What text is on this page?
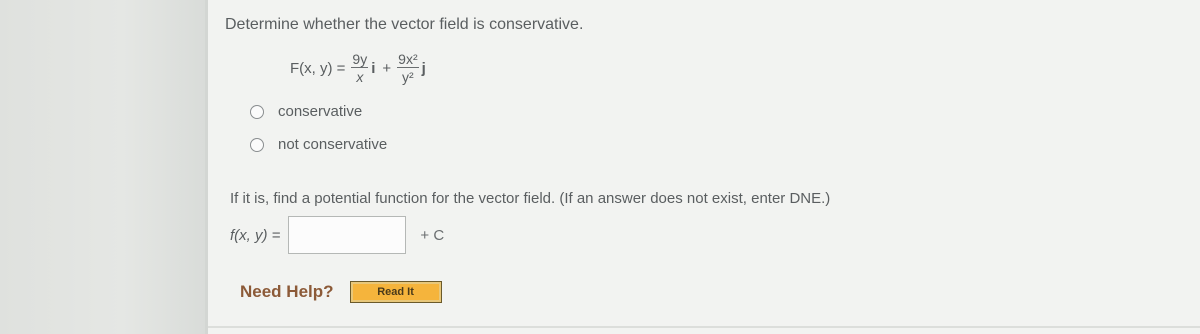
Determine whether the vector field is conservative.
F(x, $y) = \frac{9y}{x}$ $i + \frac{\text{9x²}}{\text{y²}}$ j
conservative
not conservative
If it is, find a potential function for the vector field. (If an answer does not exist, enter DNE.)
f(x, y) =	+ C
Need Help?	Read It
